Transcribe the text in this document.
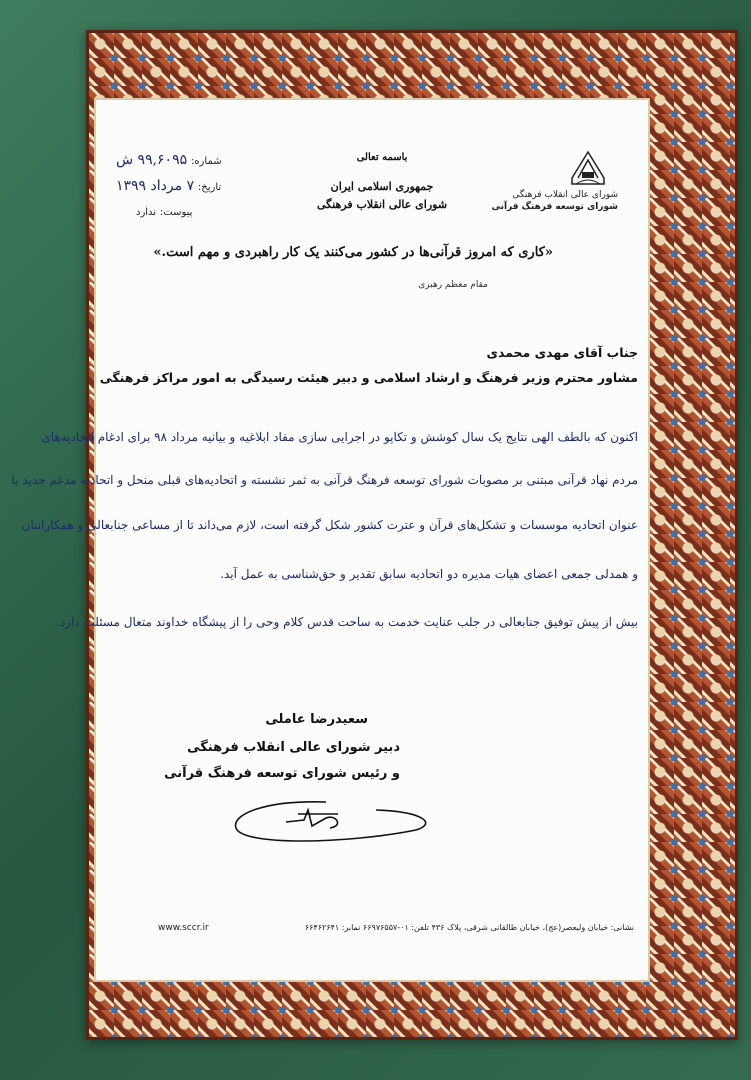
شورای عالی انقلاب فرهنگی
شورای توسعه فرهنگ قرآنی
باسمه تعالی
جمهوری اسلامی ایران
شورای عالی انقلاب فرهنگی
شماره: ۹۹,۶۰۹۵ ش
تاریخ: ۷ مرداد ۱۳۹۹
پیوست: ندارد
«کاری که امروز قرآنی‌ها در کشور می‌کنند یک کار راهبردی و مهم است.»
مقام معظم رهبری
جناب آقای مهدی محمدی
مشاور محترم وزیر فرهنگ و ارشاد اسلامی و دبیر هیئت رسیدگی به امور مراکز فرهنگی
اکنون که بالطف الهی نتایج یک سال کوشش و تکاپو در اجرایی سازی مفاد ابلاغیه و بیانیه مرداد ۹۸ برای ادغام اتحادیه‌های
مردم نهاد قرآنی مبتنی بر مصوبات شورای توسعه فرهنگ قرآنی به ثمر نشسته و اتحادیه‌های قبلی منحل و اتحادیه مدغم جدید با
عنوان اتحادیه موسسات و تشکل‌های قرآن و عترت کشور شکل گرفته است، لازم می‌داند تا از مساعی جنابعالی و همکارانتان
و همدلی جمعی اعضای هیات مدیره دو اتحادیه سابق تقدیر و حق‌شناسی به عمل آید.
بیش از پیش توفیق جنابعالی در جلب عنایت خدمت به ساحت قدس کلام وحی را از پیشگاه خداوند متعال مسئلت دارد.
سعیدرضا عاملی
دبیر شورای عالی انقلاب فرهنگی
و رئیس شورای توسعه فرهنگ قرآنی
www.sccr.ir	نشانی: خیابان ولیعصر(عج)، خیابان طالقانی شرقی، پلاک ۴۳۶ تلفن: ۰۱-۶۶۹۷۶۵۵۷ نمابر: ۶۶۴۶۲۶۴۱
